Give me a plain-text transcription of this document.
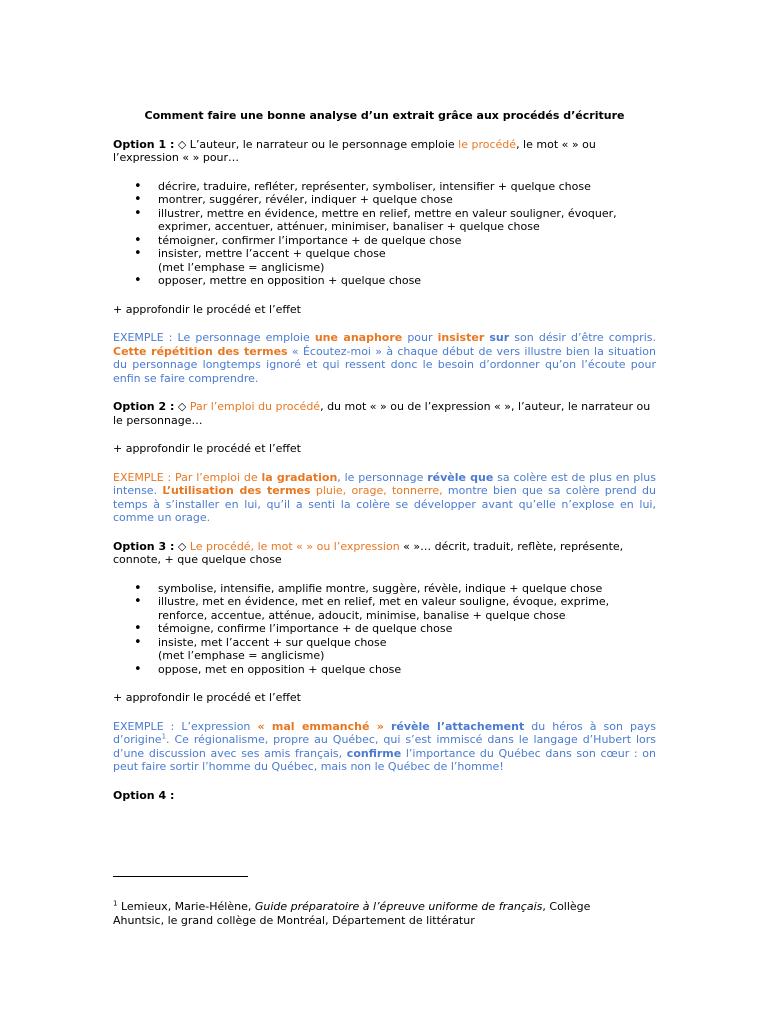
Comment faire une bonne analyse d’un extrait grâce aux procédés d’écriture

Option 1 : ◇ L’auteur, le narrateur ou le personnage emploie le procédé, le mot « » ou l’expression « » pour…

• décrire, traduire, refléter, représenter, symboliser, intensifier + quelque chose
• montrer, suggérer, révéler, indiquer + quelque chose
• illustrer, mettre en évidence, mettre en relief, mettre en valeur souligner, évoquer, exprimer, accentuer, atténuer, minimiser, banaliser + quelque chose
• témoigner, confirmer l’importance + de quelque chose
• insister, mettre l’accent + quelque chose
(met l’emphase = anglicisme)
• opposer, mettre en opposition + quelque chose

+ approfondir le procédé et l’effet

EXEMPLE : Le personnage emploie une anaphore pour insister sur son désir d’être compris. Cette répétition des termes « Écoutez-moi » à chaque début de vers illustre bien la situation du personnage longtemps ignoré et qui ressent donc le besoin d’ordonner qu’on l’écoute pour enfin se faire comprendre.

Option 2 : ◇ Par l’emploi du procédé, du mot « » ou de l’expression « », l’auteur, le narrateur ou le personnage…

+ approfondir le procédé et l’effet

EXEMPLE : Par l’emploi de la gradation, le personnage révèle que sa colère est de plus en plus intense. L’utilisation des termes pluie, orage, tonnerre, montre bien que sa colère prend du temps à s’installer en lui, qu’il a senti la colère se développer avant qu’elle n’explose en lui, comme un orage.

Option 3 : ◇ Le procédé, le mot « » ou l’expression « »… décrit, traduit, reflète, représente, connote, + que quelque chose

• symbolise, intensifie, amplifie montre, suggère, révèle, indique + quelque chose
• illustre, met en évidence, met en relief, met en valeur souligne, évoque, exprime, renforce, accentue, atténue, adoucit, minimise, banalise + quelque chose
• témoigne, confirme l’importance + de quelque chose
• insiste, met l’accent + sur quelque chose
(met l’emphase = anglicisme)
• oppose, met en opposition + quelque chose

+ approfondir le procédé et l’effet

EXEMPLE : L’expression « mal emmanché » révèle l’attachement du héros à son pays d’origine$^1$. Ce régionalisme, propre au Québec, qui s’est immiscé dans le langage d’Hubert lors d’une discussion avec ses amis français, confirme l’importance du Québec dans son cœur : on peut faire sortir l’homme du Québec, mais non le Québec de l’homme!

Option 4 :

$^1$ Lemieux, Marie-Hélène, Guide préparatoire à l’épreuve uniforme de français, Collège Ahuntsic, le grand collège de Montréal, Département de littératur
